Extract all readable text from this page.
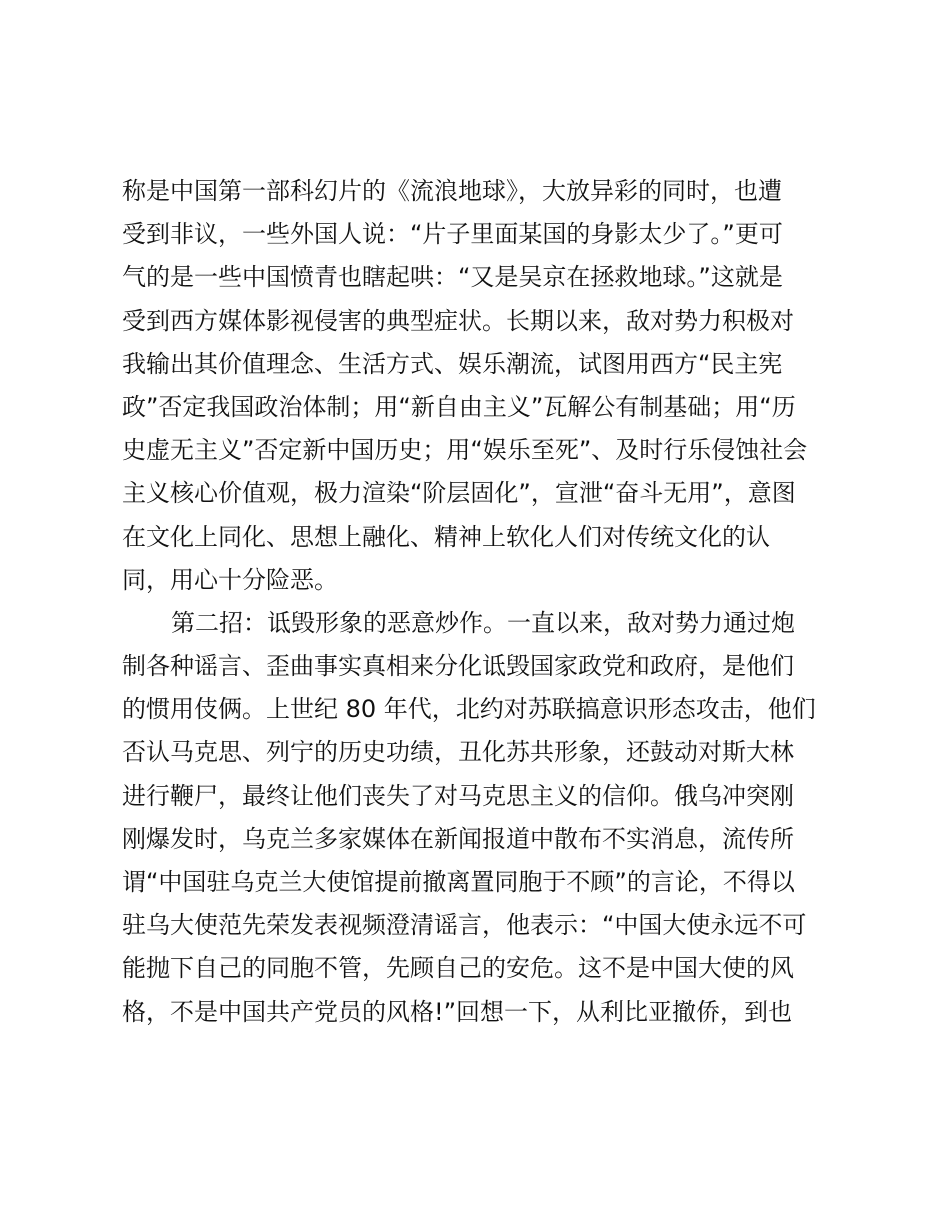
称是中国第一部科幻片的《流浪地球》，大放异彩的同时，也遭
受到非议，一些外国人说：“片子里面某国的身影太少了。”更可
气的是一些中国愤青也瞎起哄：“又是吴京在拯救地球。”这就是
受到西方媒体影视侵害的典型症状。长期以来，敌对势力积极对
我输出其价值理念、生活方式、娱乐潮流，试图用西方“民主宪
政”否定我国政治体制；用“新自由主义”瓦解公有制基础；用“历
史虚无主义”否定新中国历史；用“娱乐至死”、及时行乐侵蚀社会
主义核心价值观，极力渲染“阶层固化”，宣泄“奋斗无用”，意图
在文化上同化、思想上融化、精神上软化人们对传统文化的认
同，用心十分险恶。
第二招：诋毁形象的恶意炒作。一直以来，敌对势力通过炮
制各种谣言、歪曲事实真相来分化诋毁国家政党和政府，是他们
的惯用伎俩。上世纪 80 年代，北约对苏联搞意识形态攻击，他们
否认马克思、列宁的历史功绩，丑化苏共形象，还鼓动对斯大林
进行鞭尸，最终让他们丧失了对马克思主义的信仰。俄乌冲突刚
刚爆发时，乌克兰多家媒体在新闻报道中散布不实消息，流传所
谓“中国驻乌克兰大使馆提前撤离置同胞于不顾”的言论，不得以
驻乌大使范先荣发表视频澄清谣言，他表示：“中国大使永远不可
能抛下自己的同胞不管，先顾自己的安危。这不是中国大使的风
格，不是中国共产党员的风格!”回想一下，从利比亚撤侨，到也
